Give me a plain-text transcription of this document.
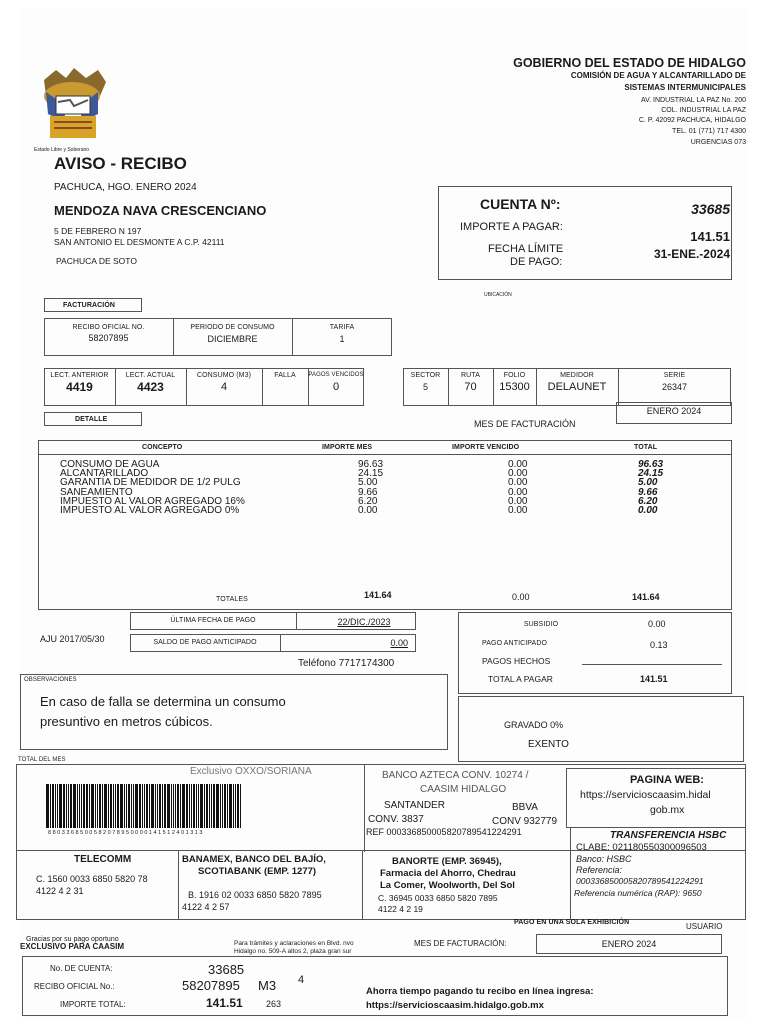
Estado Libre y Soberano
GOBIERNO DEL ESTADO DE HIDALGO
COMISIÓN DE AGUA Y ALCANTARILLADO DE
SISTEMAS INTERMUNICIPALES
AV. INDUSTRIAL LA PAZ No. 200
COL. INDUSTRIAL LA PAZ
C. P. 42092 PACHUCA, HIDALGO
TEL. 01 (771) 717 4300
URGENCIAS 073
AVISO - RECIBO
PACHUCA, HGO. ENERO 2024
MENDOZA NAVA CRESCENCIANO
5 DE FEBRERO N 197
SAN ANTONIO EL DESMONTE A C.P. 42111
PACHUCA DE SOTO
CUENTA Nº:	33685
IMPORTE A PAGAR:
141.51
FECHA LÍMITE
DE PAGO:
31-ENE.-2024
UBICACIÓN
FACTURACIÓN
RECIBO OFICIAL NO.
58207895
PERIODO DE CONSUMO
DICIEMBRE
TARIFA
1
LECT. ANTERIOR
4419
LECT. ACTUAL
4423
CONSUMO (M3)
4
FALLA	PAGOS VENCIDOS
0
SECTOR
5
RUTA
70
FOLIO
15300
MEDIDOR
DELAUNET
SERIE
26347
DETALLE	MES DE FACTURACIÓN
ENERO 2024
CONCEPTO	IMPORTE MES	IMPORTE VENCIDO	TOTAL
CONSUMO DE AGUA	96.63	0.00	96.63
ALCANTARILLADO	24.15	0.00	24.15
GARANTÍA DE MEDIDOR DE 1/2 PULG	5.00	0.00	5.00
SANEAMIENTO	9.66	0.00	9.66
IMPUESTO AL VALOR AGREGADO 16%	6.20	0.00	6.20
IMPUESTO AL VALOR AGREGADO 0%	0.00	0.00	0.00
TOTALES	141.64	0.00	141.64
ÚLTIMA FECHA DE PAGO	22/DIC./2023
AJU 2017/05/30	SALDO DE PAGO ANTICIPADO	0.00
Teléfono 7717174300
SUBSIDIO	0.00
PAGO ANTICIPADO	0.13
PAGOS HECHOS
TOTAL A PAGAR	141.51
OBSERVACIONES
En caso de falla se determina un consumo
presuntivo en metros cúbicos.	GRAVADO 0%
EXENTO
TOTAL DEL MES
Exclusivo OXXO/SORIANA
8 8 0 3 3 6 8 5 0 0 5 8 2 0 7 8 9 5 0 0 0 0 1 4 1 5 1 2 4 0 1 3 1 3
BANCO AZTECA CONV. 10274 /
CAASIM HIDALGO
SANTANDER	BBVA
CONV. 3837	CONV 932779
REF 000336850005820789541224291
PAGINA WEB:
https://servicioscaasim.hidal
gob.mx
TELECOMM
C. 1560 0033 6850 5820 78
4122 4 2 31
BANAMEX, BANCO DEL BAJÍO,
SCOTIABANK (EMP. 1277)
B. 1916 02 0033 6850 5820 7895
4122 4 2 57
BANORTE (EMP. 36945),
Farmacia del Ahorro, Chedrau
La Comer, Woolworth, Del Sol
C. 36945 0033 6850 5820 7895
4122 4 2 19
TRANSFERENCIA HSBC
CLABE: 021180550300096503
Banco: HSBC
Referencia:
000336850005820789541224291
Referencia numérica (RAP): 9650
PAGO EN UNA SOLA EXHIBICIÓN	USUARIO
Gracias por su pago oportuno
EXCLUSIVO PARA CAASIM	Para trámites y aclaraciones en Blvd. nvo
Hidalgo no. 509-A altos 2, plaza gran sur
MES DE FACTURACIÓN:	ENERO 2024
No. DE CUENTA:	33685
RECIBO OFICIAL No.:	58207895 M3 4
IMPORTE TOTAL:	141.51	263
Ahorra tiempo pagando tu recibo en línea ingresa:
https://servicioscaasim.hidalgo.gob.mx
